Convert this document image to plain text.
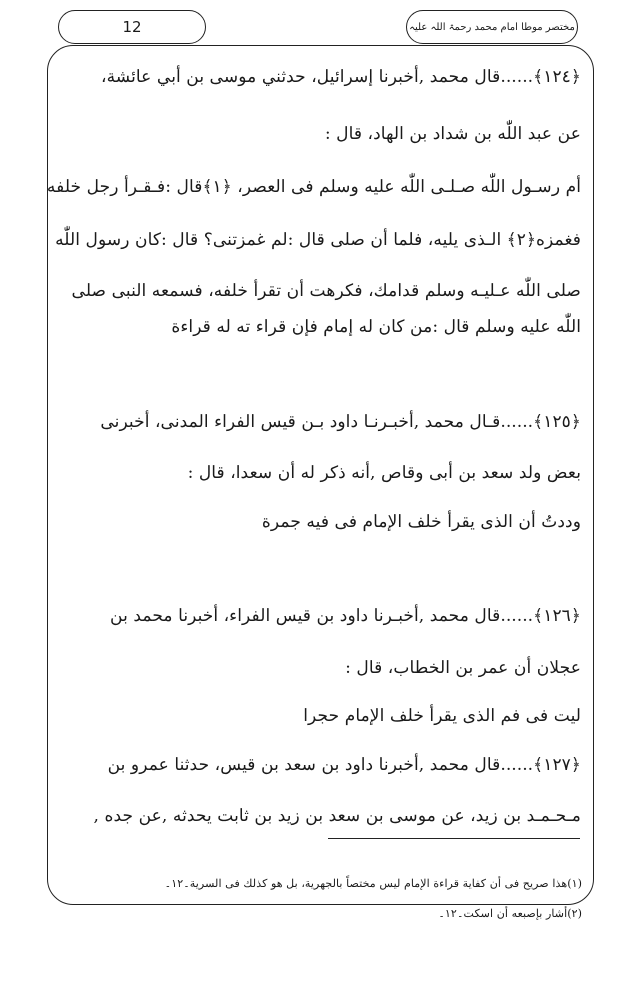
12	مختصر موطا امام محمد رحمۃ اللہ علیہ
﴿١٢٤﴾......قال محمد ,أخبرنا إسرائيل، حدثني موسى بن أبي عائشة،
عن عبد اللّٰه بن شداد بن الهاد، قال :
أم رسـول اللّٰه صـلـى اللّٰه عليه وسلم فى العصر، ﴿١﴾قال :فـقـرأ رجل خلفه
فغمزه﴿٢﴾ الـذى يليه، فلما أن صلى قال :لم غمزتنى؟ قال :كان رسول اللّٰه
صلى اللّٰه عـليـه وسلم قدامك، فكرهت أن تقرأ خلفه، فسمعه النبى صلى
اللّٰه عليه وسلم قال :من كان له إمام فإن قراء ته له قراءة
﴿١٢٥﴾......قـال محمد ,أخبـرنـا داود بـن قيس الفراء المدنى، أخبرنى
بعض ولد سعد بن أبى وقاص ,أنه ذكر له أن سعدا، قال :
وددتُ أن الذى يقرأ خلف الإمام فى فيه جمرة
﴿١٢٦﴾......قال محمد ,أخبـرنا داود بن قيس الفراء، أخبرنا محمد بن
عجلان أن عمر بن الخطاب، قال :
ليت فى فم الذى يقرأ خلف الإمام حجرا
﴿١٢٧﴾......قال محمد ,أخبرنا داود بن سعد بن قيس، حدثنا عمرو بن
مـحـمـد بن زيد، عن موسى بن سعد بن زيد بن ثابت يحدثه ,عن جده ,
(١)هذا صريح فى أن كفاية قراءة الإمام ليس مختصاً بالجهرية، بل هو كذلك فى السرية۔١٢۔
(٢)أشار بإصبعه أن اسكت۔١٢۔
